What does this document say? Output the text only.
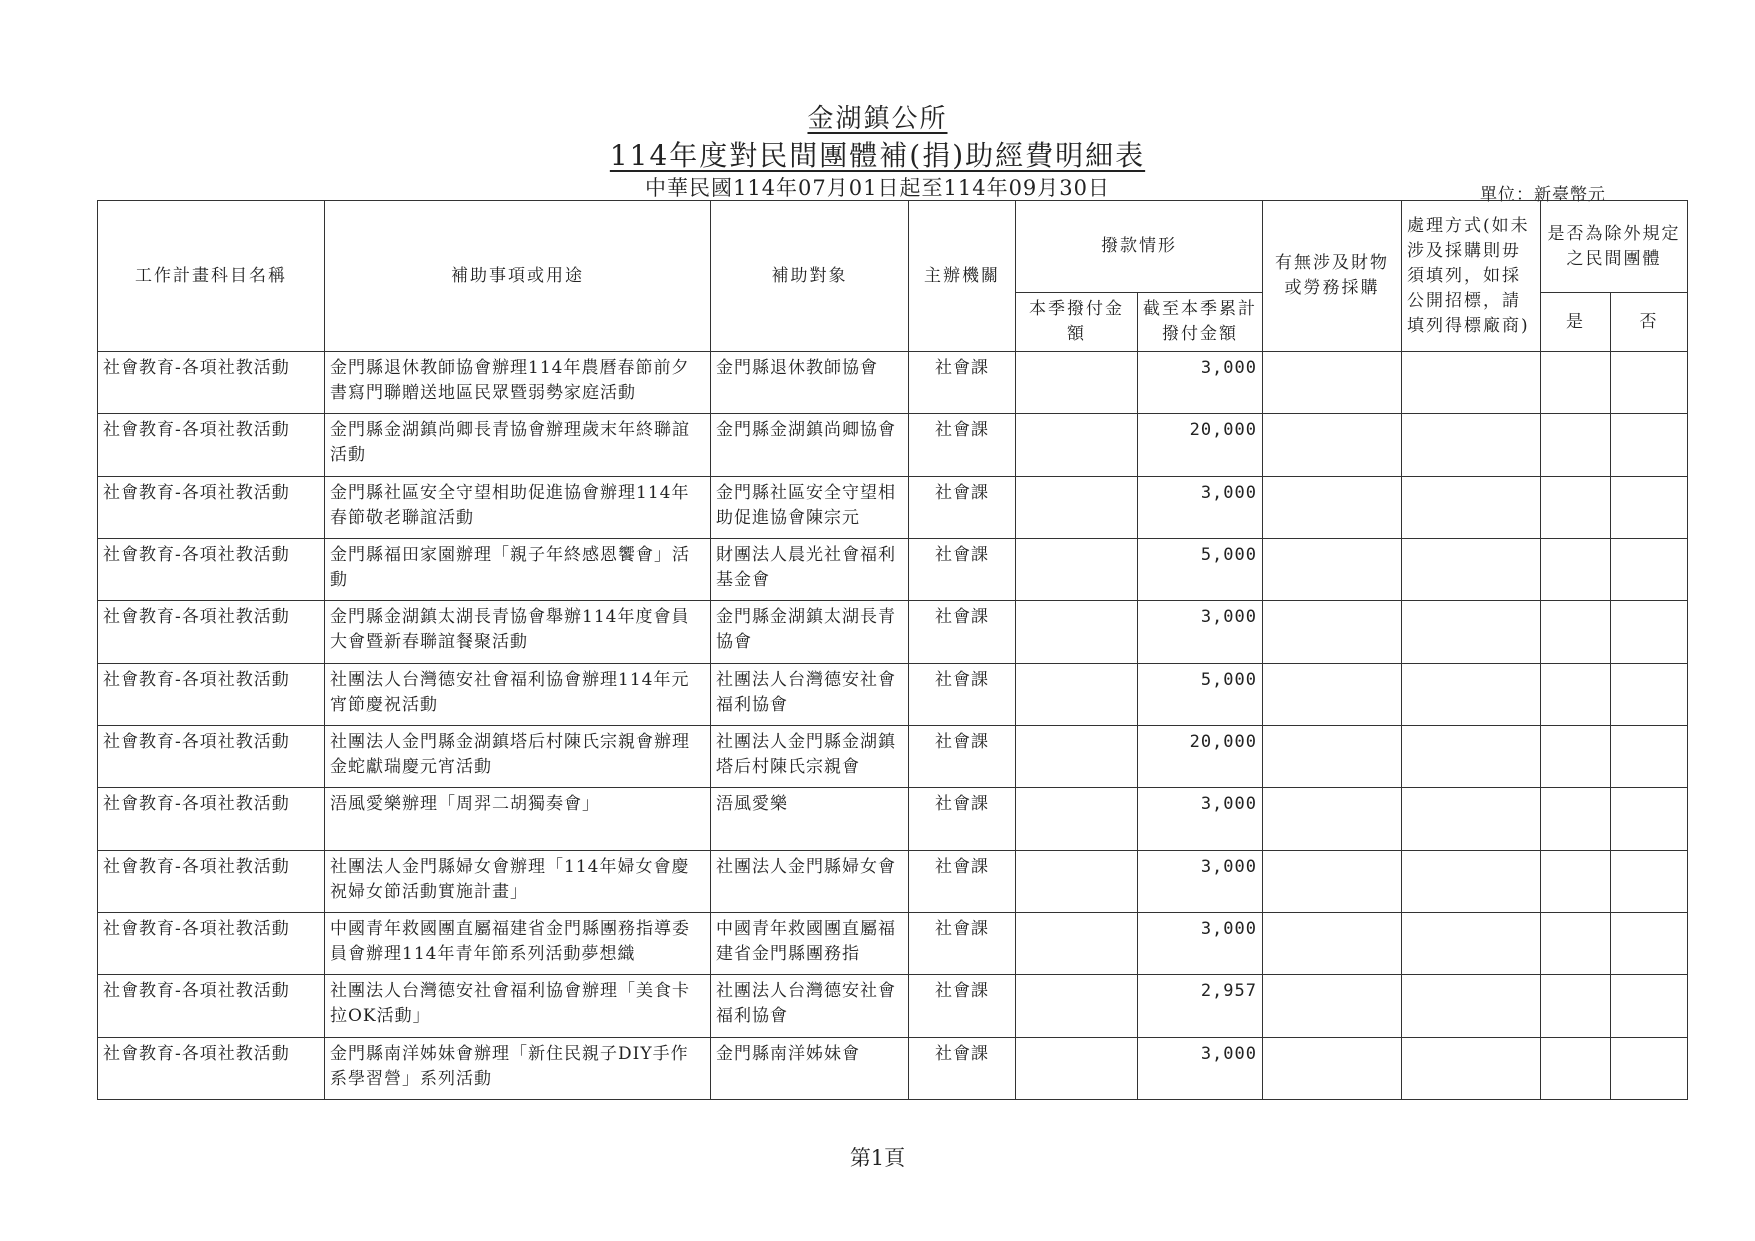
金湖鎮公所
114年度對民間團體補(捐)助經費明細表
中華民國114年07月01日起至114年09月30日	單位：新臺幣元
工作計畫科目名稱	補助事項或用途	補助對象	主辦機關	撥款情形		有無涉及財物或勞務採購	處理方式(如未涉及採購則毋須填列，如採公開招標，請填列得標廠商)	是否為除外規定之民間團體	
				本季撥付金額	截至本季累計撥付金額			是	否
社會教育-各項社教活動	金門縣退休教師協會辦理114年農曆春節前夕書寫門聯贈送地區民眾暨弱勢家庭活動	金門縣退休教師協會	社會課		3,000				
社會教育-各項社教活動	金門縣金湖鎮尚卿長青協會辦理歲末年終聯誼活動	金門縣金湖鎮尚卿協會	社會課		20,000				
社會教育-各項社教活動	金門縣社區安全守望相助促進協會辦理114年春節敬老聯誼活動	金門縣社區安全守望相助促進協會陳宗元	社會課		3,000				
社會教育-各項社教活動	金門縣福田家園辦理「親子年終感恩饗會」活動	財團法人晨光社會福利基金會	社會課		5,000				
社會教育-各項社教活動	金門縣金湖鎮太湖長青協會舉辦114年度會員大會暨新春聯誼餐聚活動	金門縣金湖鎮太湖長青協會	社會課		3,000				
社會教育-各項社教活動	社團法人台灣德安社會福利協會辦理114年元宵節慶祝活動	社團法人台灣德安社會福利協會	社會課		5,000				
社會教育-各項社教活動	社團法人金門縣金湖鎮塔后村陳氏宗親會辦理金蛇獻瑞慶元宵活動	社團法人金門縣金湖鎮塔后村陳氏宗親會	社會課		20,000				
社會教育-各項社教活動	浯風愛樂辦理「周羿二胡獨奏會」	浯風愛樂	社會課		3,000				
社會教育-各項社教活動	社團法人金門縣婦女會辦理「114年婦女會慶祝婦女節活動實施計畫」	社團法人金門縣婦女會	社會課		3,000				
社會教育-各項社教活動	中國青年救國團直屬福建省金門縣團務指導委員會辦理114年青年節系列活動夢想織	中國青年救國團直屬福建省金門縣團務指	社會課		3,000				
社會教育-各項社教活動	社團法人台灣德安社會福利協會辦理「美食卡拉OK活動」	社團法人台灣德安社會福利協會	社會課		2,957				
社會教育-各項社教活動	金門縣南洋姊妹會辦理「新住民親子DIY手作系學習營」系列活動	金門縣南洋姊妹會	社會課		3,000				
第1頁
